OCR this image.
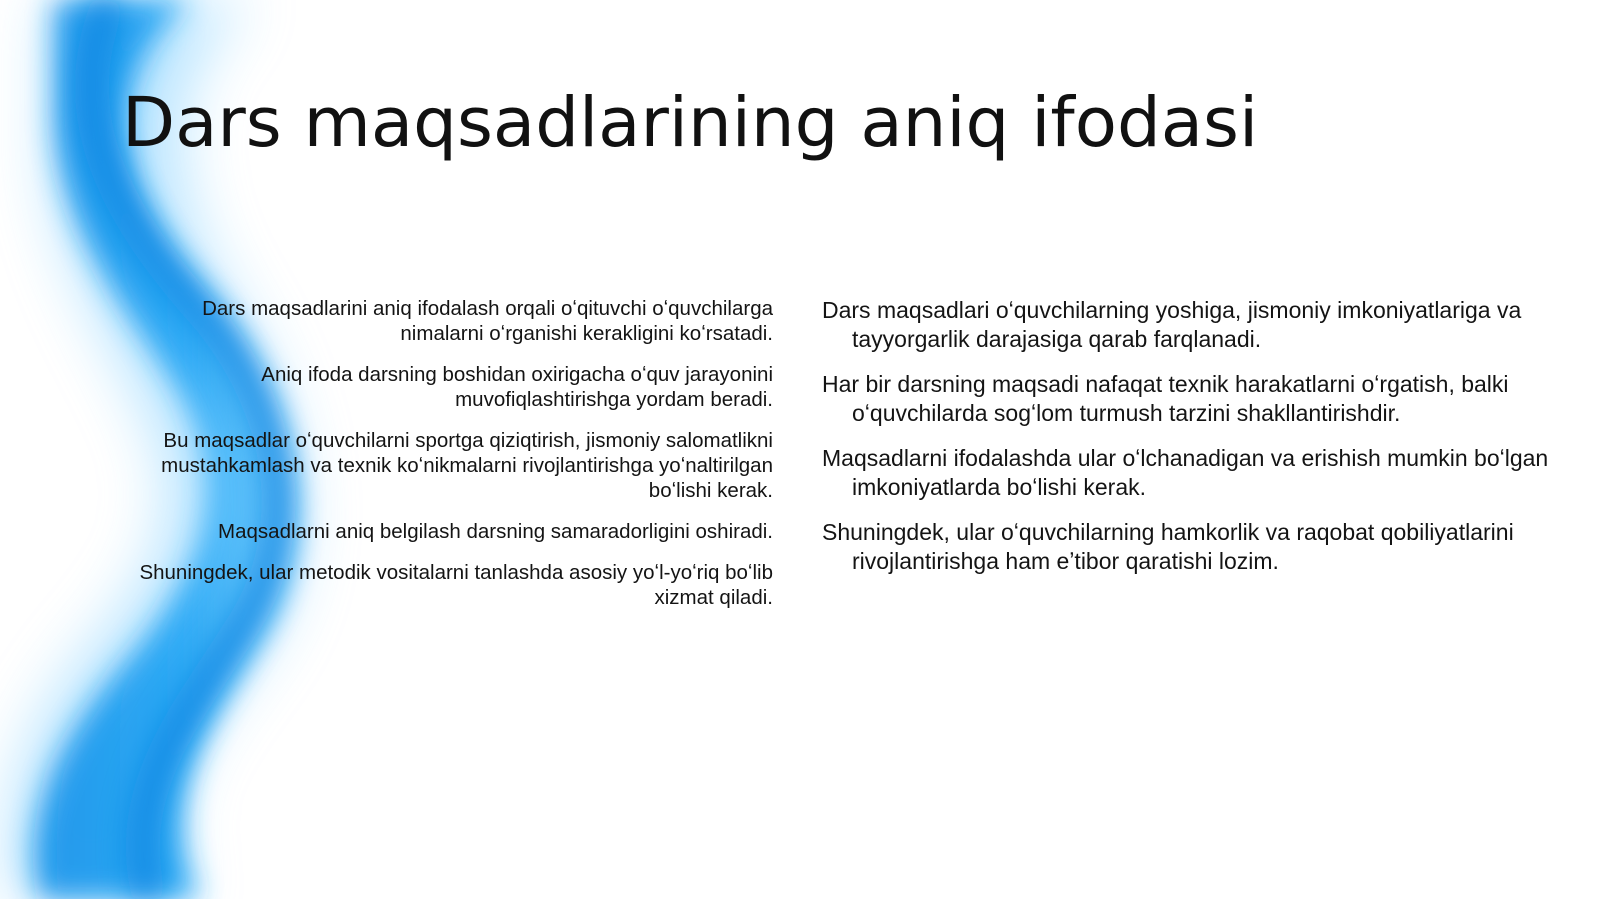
Dars maqsadlarining aniq ifodasi

Dars maqsadlarini aniq ifodalash orqali oʻqituvchi oʻquvchilarga nimalarni oʻrganishi kerakligini koʻrsatadi.

Aniq ifoda darsning boshidan oxirigacha oʻquv jarayonini muvofiqlashtirishga yordam beradi.

Bu maqsadlar oʻquvchilarni sportga qiziqtirish, jismoniy salomatlikni mustahkamlash va texnik koʻnikmalarni rivojlantirishga yoʻnaltirilgan boʻlishi kerak.

Maqsadlarni aniq belgilash darsning samaradorligini oshiradi.

Shuningdek, ular metodik vositalarni tanlashda asosiy yoʻl-yoʻriq boʻlib xizmat qiladi.

Dars maqsadlari oʻquvchilarning yoshiga, jismoniy imkoniyatlariga va tayyorgarlik darajasiga qarab farqlanadi.

Har bir darsning maqsadi nafaqat texnik harakatlarni oʻrgatish, balki oʻquvchilarda sogʻlom turmush tarzini shakllantirishdir.

Maqsadlarni ifodalashda ular oʻlchanadigan va erishish mumkin boʻlgan imkoniyatlarda boʻlishi kerak.

Shuningdek, ular oʻquvchilarning hamkorlik va raqobat qobiliyatlarini rivojlantirishga ham eʼtibor qaratishi lozim.
